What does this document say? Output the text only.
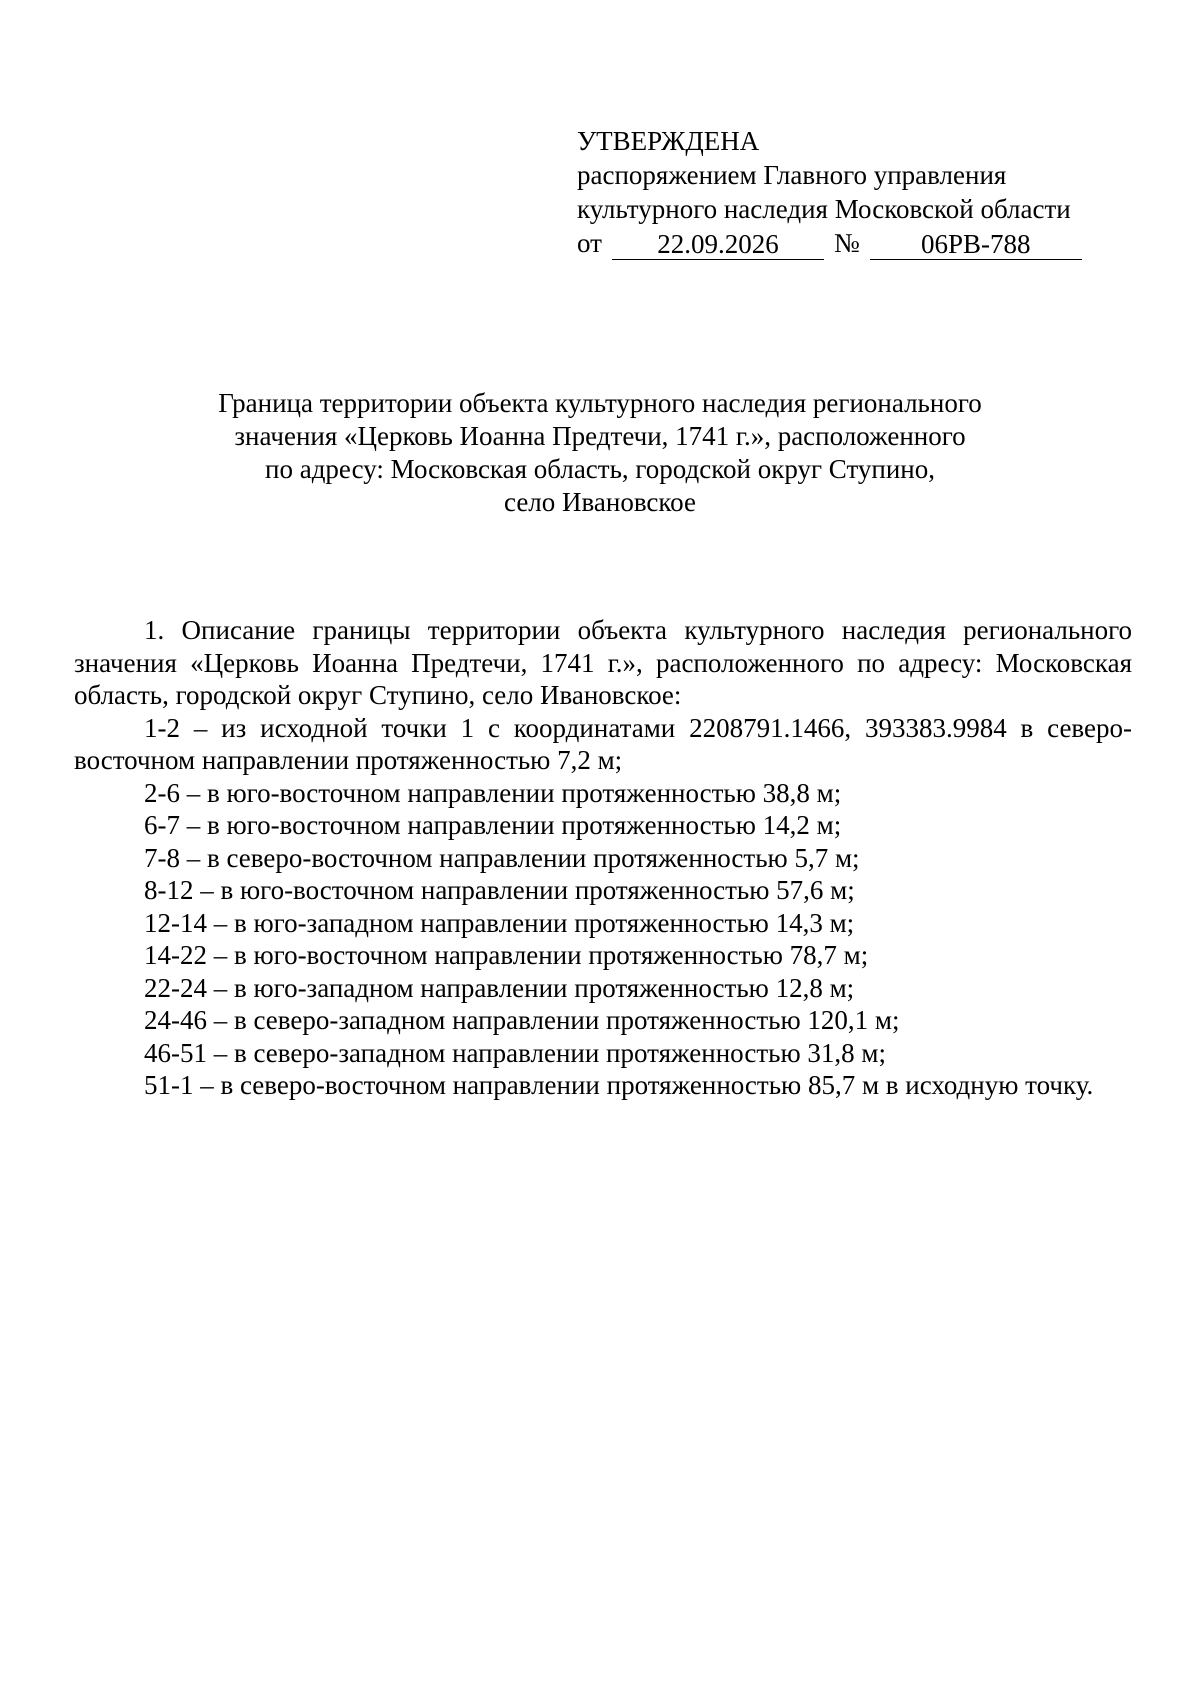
УТВЕРЖДЕНА
распоряжением Главного управления
культурного наследия Московской области
от	22.09.2026	№	06РВ-788
Граница территории объекта культурного наследия регионального
значения «Церковь Иоанна Предтечи, 1741 г.», расположенного
по адресу: Московская область, городской округ Ступино,
село Ивановское

1. Описание границы территории объекта культурного наследия регионального значения «Церковь Иоанна Предтечи, 1741 г.», расположенного по адресу: Московская область, городской округ Ступино, село Ивановское:

1-2 – из исходной точки 1 с координатами 2208791.1466, 393383.9984 в северо-восточном направлении протяженностью 7,2 м;

2-6 – в юго-восточном направлении протяженностью 38,8 м;

6-7 – в юго-восточном направлении протяженностью 14,2 м;

7-8 – в северо-восточном направлении протяженностью 5,7 м;

8-12 – в юго-восточном направлении протяженностью 57,6 м;

12-14 – в юго-западном направлении протяженностью 14,3 м;

14-22 – в юго-восточном направлении протяженностью 78,7 м;

22-24 – в юго-западном направлении протяженностью 12,8 м;

24-46 – в северо-западном направлении протяженностью 120,1 м;

46-51 – в северо-западном направлении протяженностью 31,8 м;

51-1 – в северо-восточном направлении протяженностью 85,7 м в исходную точку.
